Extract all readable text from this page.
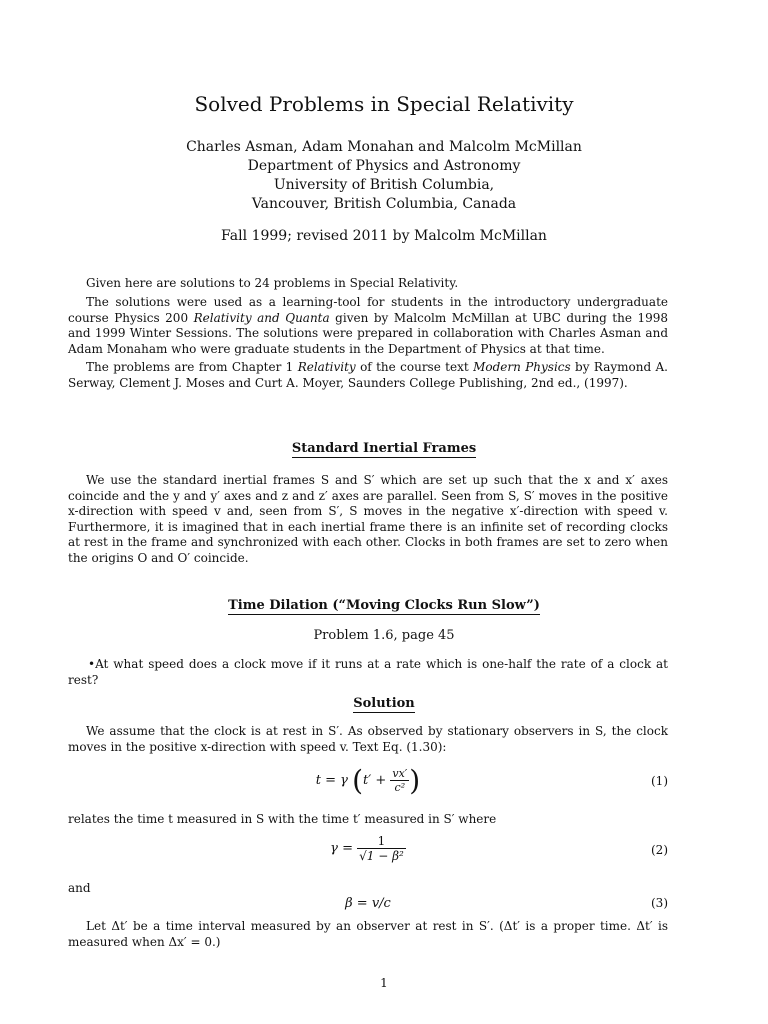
Solved Problems in Special Relativity
Charles Asman, Adam Monahan and Malcolm McMillan
Department of Physics and Astronomy
University of British Columbia,
Vancouver, British Columbia, Canada
Fall 1999; revised 2011 by Malcolm McMillan

Given here are solutions to 24 problems in Special Relativity.

The solutions were used as a learning-tool for students in the introductory undergraduate course Physics 200 Relativity and Quanta given by Malcolm McMillan at UBC during the 1998 and 1999 Winter Sessions. The solutions were prepared in collaboration with Charles Asman and Adam Monaham who were graduate students in the Department of Physics at that time.

The problems are from Chapter 1 Relativity of the course text Modern Physics by Raymond A. Serway, Clement J. Moses and Curt A. Moyer, Saunders College Publishing, 2nd ed., (1997).

Standard Inertial Frames

We use the standard inertial frames S and S′ which are set up such that the x and x′ axes coincide and the y and y′ axes and z and z′ axes are parallel. Seen from S, S′ moves in the positive x-direction with speed v and, seen from S′, S moves in the negative x′-direction with speed v. Furthermore, it is imagined that in each inertial frame there is an infinite set of recording clocks at rest in the frame and synchronized with each other. Clocks in both frames are set to zero when the origins O and O′ coincide.

Time Dilation (“Moving Clocks Run Slow”)
Problem 1.6, page 45

•At what speed does a clock move if it runs at a rate which is one-half the rate of a clock at rest?

Solution

We assume that the clock is at rest in S′. As observed by stationary observers in S, the clock moves in the positive x-direction with speed v. Text Eq. (1.30):

t = γ ($t' + \frac{vx'}{\text{c²}}$ )	(1)

relates the time t measured in S with the time t′ measured in S′ where

$\gamma = \frac{1}{\text{√1 − β²}}$	(2)

and

β = v/c	(3)

Let Δt′ be a time interval measured by an observer at rest in S′. (Δt′ is a proper time. Δt′ is measured when Δx′ = 0.)

1
